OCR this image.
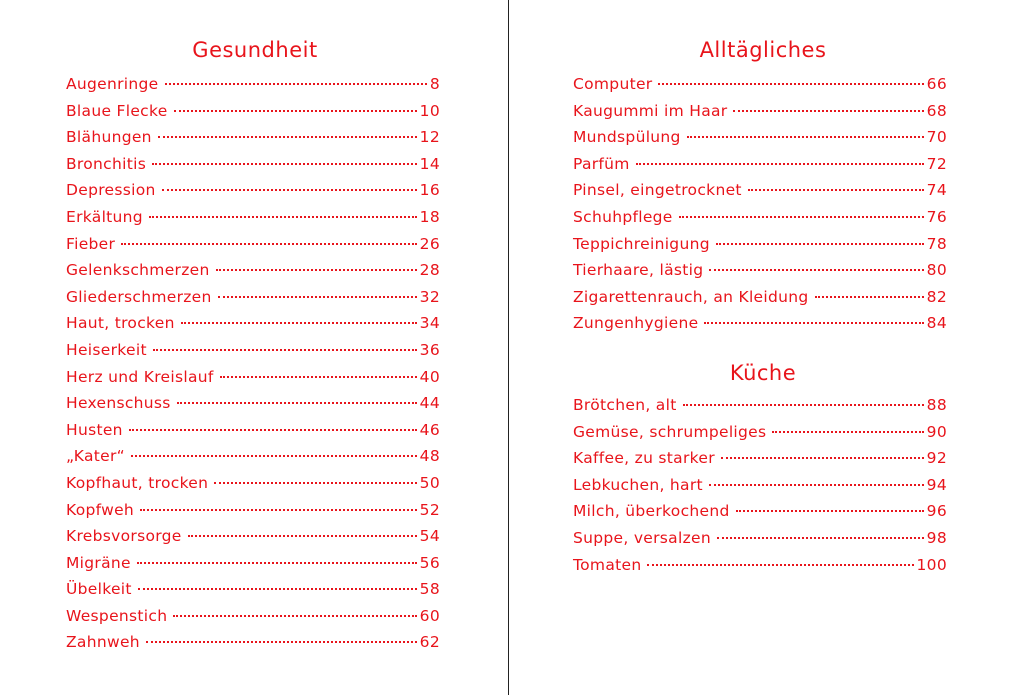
Gesundheit
Augenringe	8
Blaue Flecke	10
Blähungen	12
Bronchitis	14
Depression	16
Erkältung	18
Fieber	26
Gelenkschmerzen	28
Gliederschmerzen	32
Haut, trocken	34
Heiserkeit	36
Herz und Kreislauf	40
Hexenschuss	44
Husten	46
„Kater“	48
Kopfhaut, trocken	50
Kopfweh	52
Krebsvorsorge	54
Migräne	56
Übelkeit	58
Wespenstich	60
Zahnweh	62
Alltägliches
Computer	66
Kaugummi im Haar	68
Mundspülung	70
Parfüm	72
Pinsel, eingetrocknet	74
Schuhpflege	76
Teppichreinigung	78
Tierhaare, lästig	80
Zigarettenrauch, an Kleidung	82
Zungenhygiene	84
Küche
Brötchen, alt	88
Gemüse, schrumpeliges	90
Kaffee, zu starker	92
Lebkuchen, hart	94
Milch, überkochend	96
Suppe, versalzen	98
Tomaten	100
